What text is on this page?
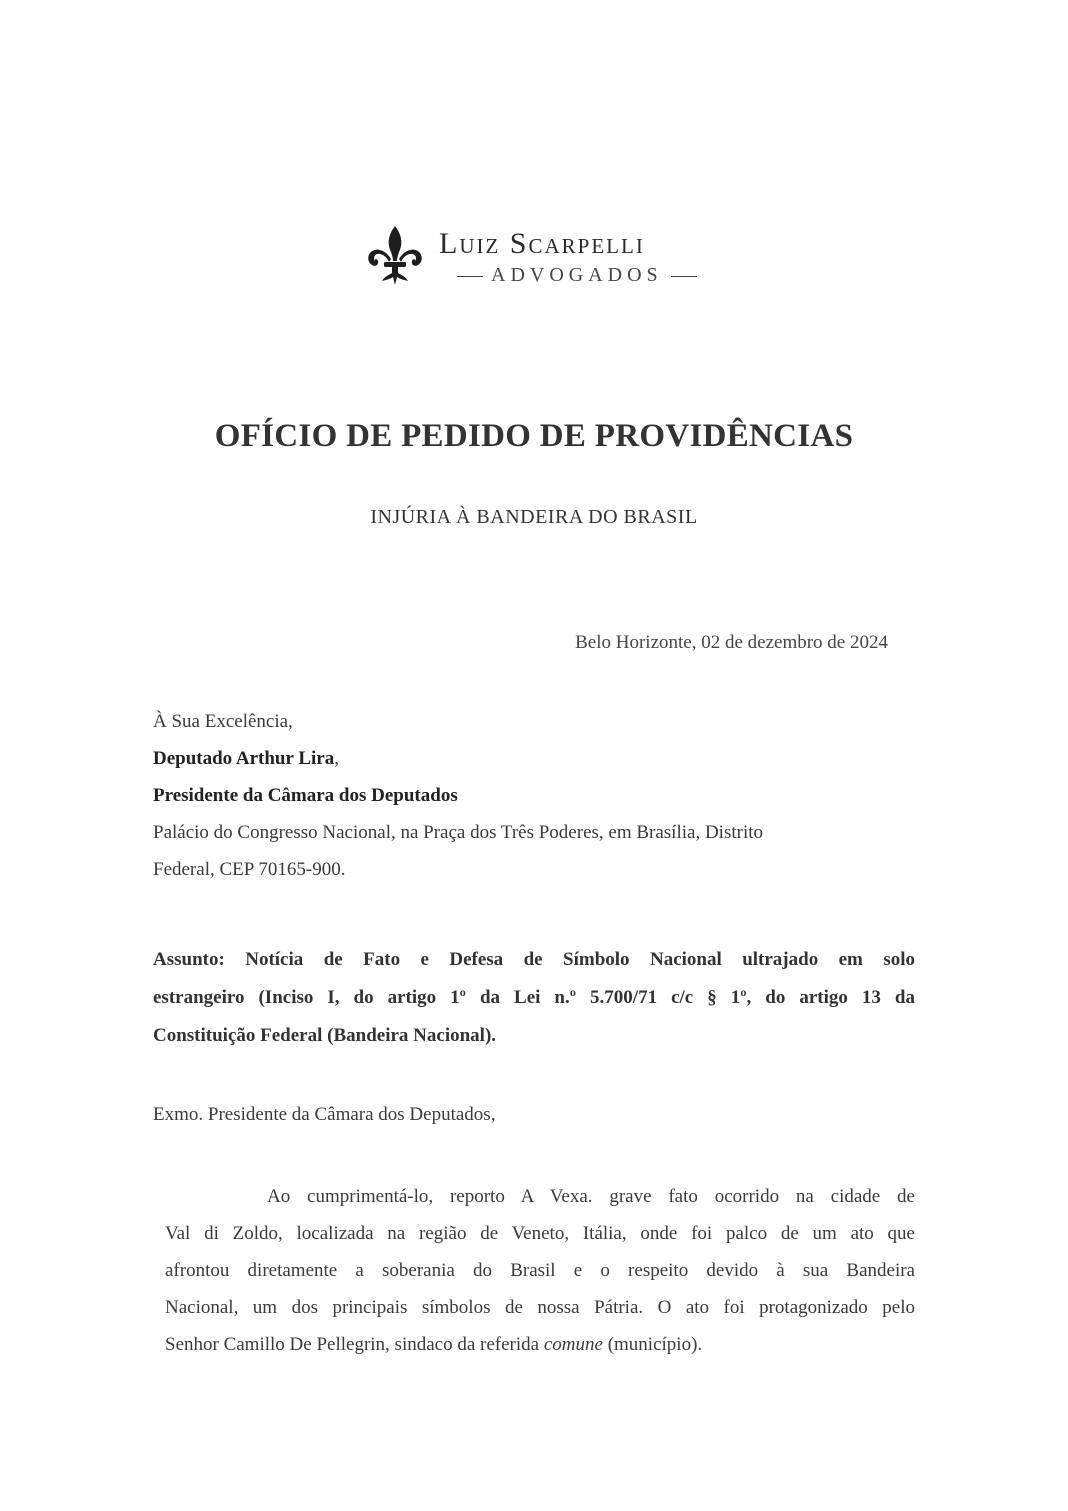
Luiz Scarpelli
ADVOGADOS
OFÍCIO DE PEDIDO DE PROVIDÊNCIAS
INJÚRIA À BANDEIRA DO BRASIL
Belo Horizonte, 02 de dezembro de 2024
À Sua Excelência,
Deputado Arthur Lira,
Presidente da Câmara dos Deputados
Palácio do Congresso Nacional, na Praça dos Três Poderes, em Brasília, Distrito
Federal, CEP 70165-900.
Assunto: Notícia de Fato e Defesa de Símbolo Nacional ultrajado em solo
estrangeiro (Inciso I, do artigo 1º da Lei n.º 5.700/71 c/c § 1º, do artigo 13 da
Constituição Federal (Bandeira Nacional).
Exmo. Presidente da Câmara dos Deputados,
Ao cumprimentá-lo, reporto A Vexa. grave fato ocorrido na cidade de
Val di Zoldo, localizada na região de Veneto, Itália, onde foi palco de um ato que
afrontou diretamente a soberania do Brasil e o respeito devido à sua Bandeira
Nacional, um dos principais símbolos de nossa Pátria. O ato foi protagonizado pelo
Senhor Camillo De Pellegrin, sindaco da referida comune (município).
